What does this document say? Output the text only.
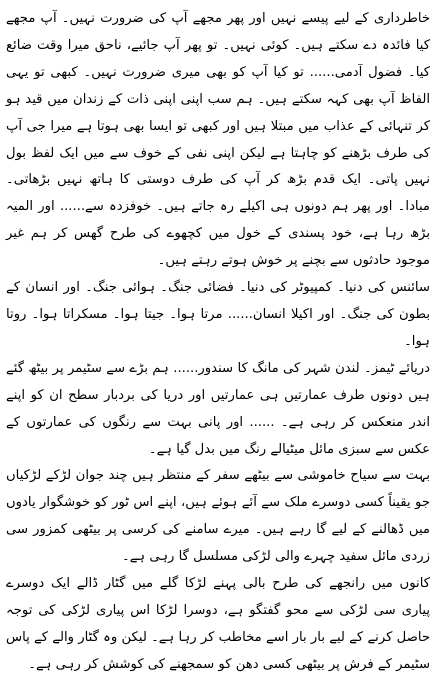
خاطرداری کے لیے پیسے نہیں اور پھر مجھے آپ کی ضرورت نہیں۔ آپ مجھے کیا فائدہ دے سکتے ہیں۔ کوئی نہیں۔ تو پھر آپ جائیے، ناحق میرا وقت ضائع کیا۔ فضول آدمی...... تو کیا آپ کو بھی میری ضرورت نہیں۔ کبھی تو یہی الفاظ آپ بھی کہہ سکتے ہیں۔ ہم سب اپنی اپنی ذات کے زندان میں قید ہو کر تنہائی کے عذاب میں مبتلا ہیں اور کبھی تو ایسا بھی ہوتا ہے میرا جی آپ کی طرف بڑھنے کو چاہتا ہے لیکن اپنی نفی کے خوف سے میں ایک لفظ بول نہیں پاتی۔ ایک قدم بڑھ کر آپ کی طرف دوستی کا ہاتھ نہیں بڑھاتی۔ مبادا۔ اور پھر ہم دونوں ہی اکیلے رہ جاتے ہیں۔ خوفزدہ سے...... اور المیہ بڑھ رہا ہے، خود پسندی کے خول میں کچھوے کی طرح گھس کر ہم غیر موجود حادثوں سے بچنے پر خوش ہوتے رہتے ہیں۔

سائنس کی دنیا۔ کمپیوٹر کی دنیا۔ فضائی جنگ۔ ہوائی جنگ۔ اور انسان کے بطون کی جنگ۔ اور اکیلا انسان...... مرتا ہوا۔ جیتا ہوا۔ مسکراتا ہوا۔ روتا ہوا۔

دریائے ٹیمز۔ لندن شہر کی مانگ کا سندور...... ہم بڑے سے سٹیمر پر بیٹھ گئے ہیں دونوں طرف عمارتیں ہی عمارتیں اور دریا کی بردبار سطح ان کو اپنے اندر منعکس کر رہی ہے۔ ...... اور پانی بہت سے رنگوں کی عمارتوں کے عکس سے سبزی مائل میٹیالے رنگ میں بدل گیا ہے۔

بہت سے سیاح خاموشی سے بیٹھے سفر کے منتظر ہیں چند جوان لڑکے لڑکیاں جو یقیناً کسی دوسرے ملک سے آئے ہوئے ہیں، اپنے اس ٹور کو خوشگوار یادوں میں ڈھالنے کے لیے گا رہے ہیں۔ میرے سامنے کی کرسی پر بیٹھی کمزور سی زردی مائل سفید چہرے والی لڑکی مسلسل گا رہی ہے۔

کانوں میں رانجھے کی طرح بالی پہنے لڑکا گلے میں گٹار ڈالے ایک دوسرے پیاری سی لڑکی سے محو گفتگو ہے، دوسرا لڑکا اس پیاری لڑکی کی توجہ حاصل کرنے کے لیے بار بار اسے مخاطب کر رہا ہے۔ لیکن وہ گٹار والے کے پاس سٹیمر کے فرش پر بیٹھی کسی دھن کو سمجھنے کی کوشش کر رہی ہے۔
